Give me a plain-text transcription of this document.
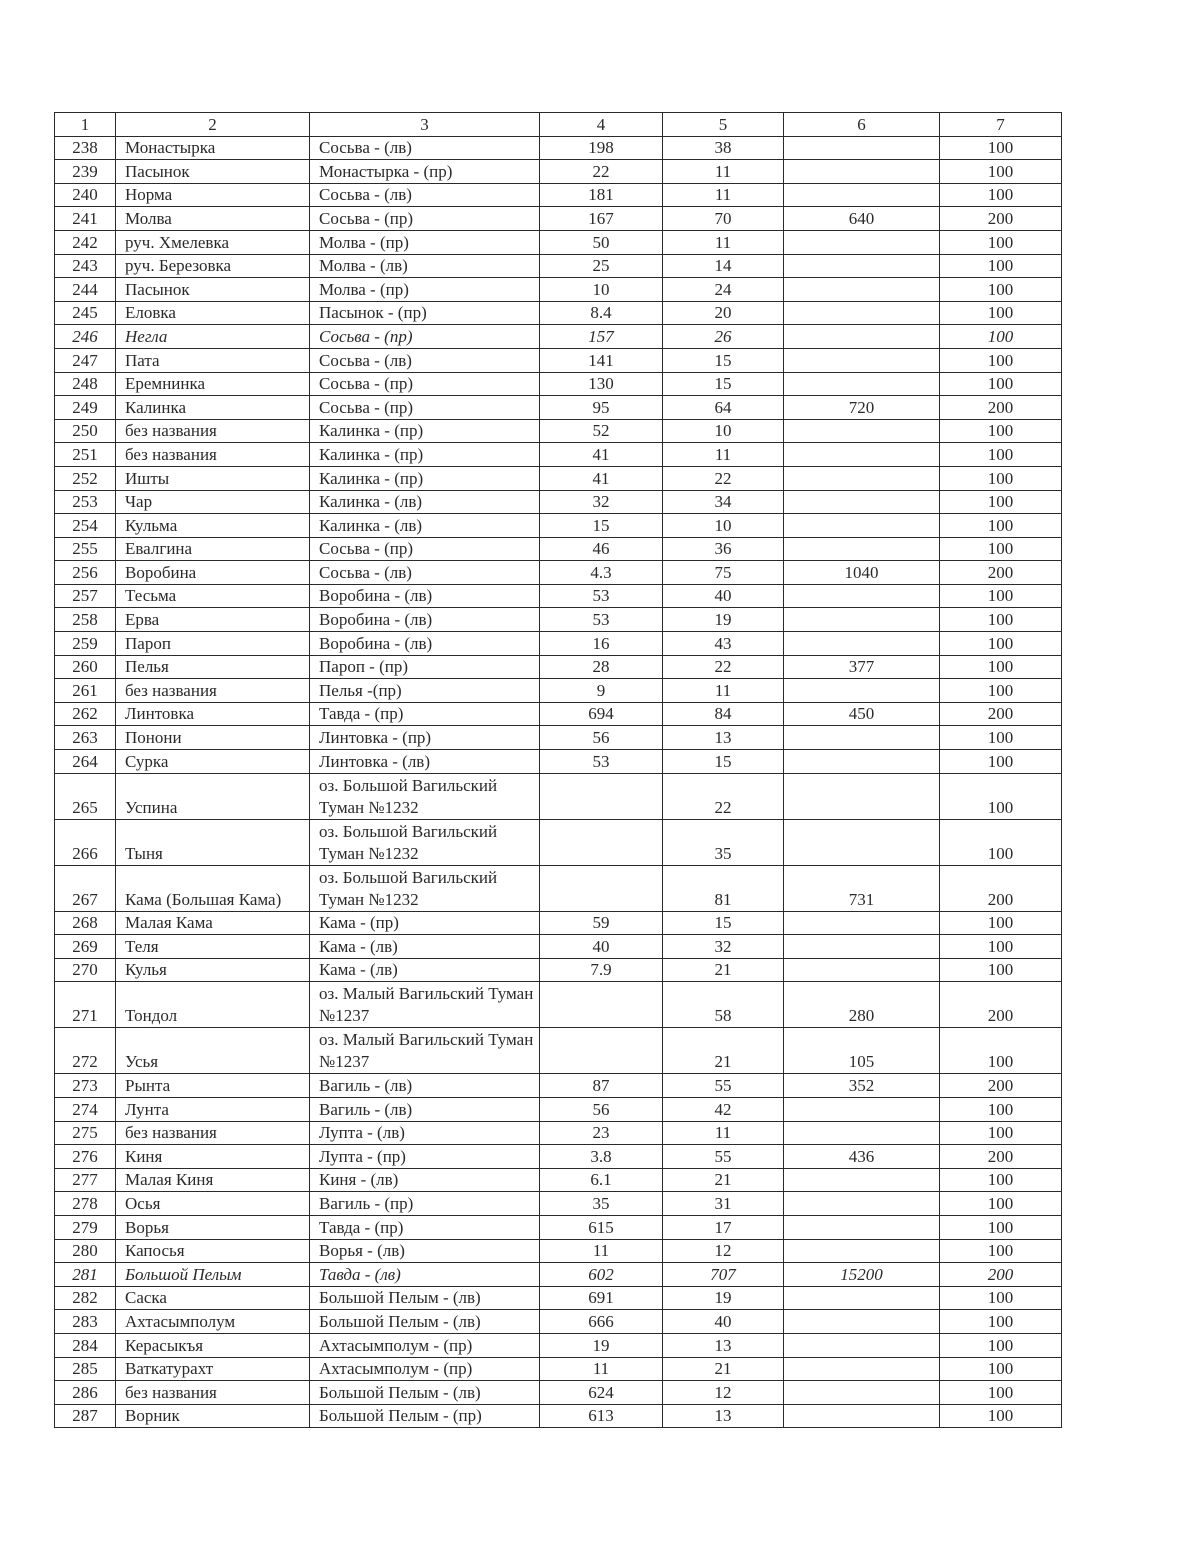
1	2	3	4	5	6	7
238	Монастырка	Сосьва - (лв)	198	38		100
239	Пасынок	Монастырка - (пр)	22	11		100
240	Норма	Сосьва - (лв)	181	11		100
241	Молва	Сосьва - (пр)	167	70	640	200
242	руч. Хмелевка	Молва - (пр)	50	11		100
243	руч. Березовка	Молва - (лв)	25	14		100
244	Пасынок	Молва - (пр)	10	24		100
245	Еловка	Пасынок - (пр)	8.4	20		100
246	Негла	Сосьва - (пр)	157	26		100
247	Пата	Сосьва - (лв)	141	15		100
248	Еремнинка	Сосьва - (пр)	130	15		100
249	Калинка	Сосьва - (пр)	95	64	720	200
250	без названия	Калинка - (пр)	52	10		100
251	без названия	Калинка - (пр)	41	11		100
252	Ишты	Калинка - (пр)	41	22		100
253	Чар	Калинка - (лв)	32	34		100
254	Кульма	Калинка - (лв)	15	10		100
255	Евалгина	Сосьва - (пр)	46	36		100
256	Воробина	Сосьва - (лв)	4.3	75	1040	200
257	Тесьма	Воробина - (лв)	53	40		100
258	Ерва	Воробина - (лв)	53	19		100
259	Пароп	Воробина - (лв)	16	43		100
260	Пелья	Пароп - (пр)	28	22	377	100
261	без названия	Пелья -(пр)	9	11		100
262	Линтовка	Тавда - (пр)	694	84	450	200
263	Понони	Линтовка - (пр)	56	13		100
264	Сурка	Линтовка - (лв)	53	15		100
265	Успина	оз. Большой Вагильский Туман №1232		22		100
266	Тыня	оз. Большой Вагильский Туман №1232		35		100
267	Кама (Большая Кама)	оз. Большой Вагильский Туман №1232		81	731	200
268	Малая Кама	Кама - (пр)	59	15		100
269	Теля	Кама - (лв)	40	32		100
270	Кулья	Кама - (лв)	7.9	21		100
271	Тондол	оз. Малый Вагильский Туман №1237		58	280	200
272	Усья	оз. Малый Вагильский Туман №1237		21	105	100
273	Рынта	Вагиль - (лв)	87	55	352	200
274	Лунта	Вагиль - (лв)	56	42		100
275	без названия	Лупта - (лв)	23	11		100
276	Киня	Лупта - (пр)	3.8	55	436	200
277	Малая Киня	Киня - (лв)	6.1	21		100
278	Осья	Вагиль - (пр)	35	31		100
279	Ворья	Тавда - (пр)	615	17		100
280	Капосья	Ворья - (лв)	11	12		100
281	Большой Пелым	Тавда - (лв)	602	707	15200	200
282	Саска	Большой Пелым - (лв)	691	19		100
283	Ахтасымполум	Большой Пелым - (лв)	666	40		100
284	Керасыкъя	Ахтасымполум - (пр)	19	13		100
285	Ваткатурахт	Ахтасымполум - (пр)	11	21		100
286	без названия	Большой Пелым - (лв)	624	12		100
287	Ворник	Большой Пелым - (пр)	613	13		100
